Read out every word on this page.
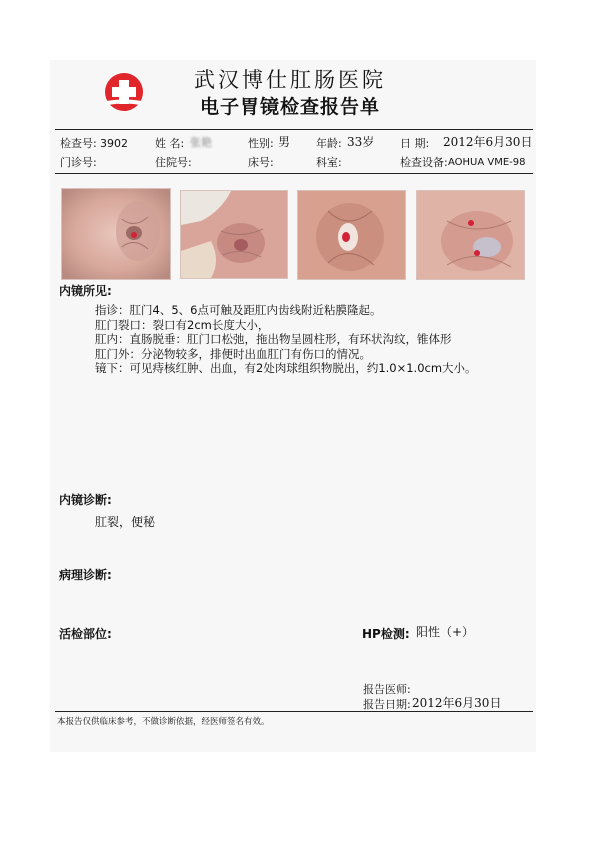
武汉博仕肛肠医院
电子胃镜检查报告单
检查号: 3902 姓 名: 张艳	性别: 男 年龄: 33岁 日 期: 2012年6月30日
门诊号:	住院号:	床号:	科室:	检查设备: AOHUA VME-98
内镜所见:
指诊：肛门4、5、6点可触及距肛内齿线附近粘膜隆起。
肛门裂口：裂口有2cm长度大小，
肛内：直肠脱垂：肛门口松弛，拖出物呈圆柱形，有环状沟纹，锥体形
肛门外：分泌物较多，排便时出血肛门有伤口的情况。
镜下：可见痔核红肿、出血，有2处肉球组织物脱出，约1.0×1.0cm大小。
内镜诊断:
肛裂，便秘
病理诊断:
活检部位:	HP检测: 阳性（+）
报告医师:
报告日期: 2012年6月30日
本报告仅供临床参考，不做诊断依据，经医师签名有效。
